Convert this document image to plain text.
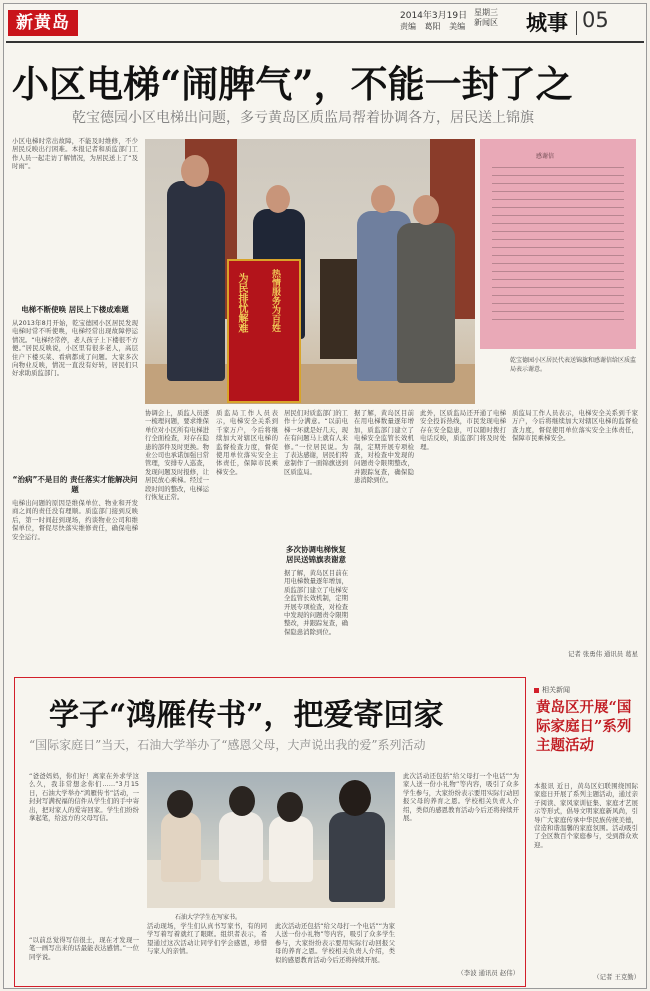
新黄岛	2014年3月19日
责编 葛阳 美编
星期三
新闻区 城事 05
小区电梯“闹脾气”，不能一封了之
乾宝德园小区电梯出问题，多亏黄岛区质监局帮着协调各方，居民送上锦旗
小区电梯时常出故障，不能及时维修，不少居民反映出行困难。本报记者和质监部门工作人员一起走访了解情况，为居民送上了“及时雨”。
电梯不断使唤 居民上下楼成难题
从2013年8月开始，乾宝德园小区居民发现电梯时常不听使唤，电梯经常出现故障停运情况。“电梯经常停，老人孩子上下楼很不方便。”居民反映说，小区里有很多老人，高层住户下楼买菜、看病都成了问题。大家多次向物业反映，情况一直没有好转，居民们只好求助质监部门。
“治病”不是目的 责任落实才能解决问题
电梯出问题的原因是维保单位、物业和开发商之间的责任没有理顺。质监部门接到反映后，第一时间赶到现场，约谈物业公司和维保单位，督促尽快落实维修责任，确保电梯安全运行。
为民排忧解难	热情服务为百姓
感谢信
乾宝德园小区居民代表送锦旗和感谢信给区质监局表示谢意。
协调会上，质监人员逐一梳理问题，要求维保单位对小区所有电梯进行全面检查，对存在隐患的部件及时更换。物业公司也承诺加强日常管理，安排专人巡查，发现问题及时报修，让居民放心乘梯。经过一段时间的整改，电梯运行恢复正常。
质监局工作人员表示，电梯安全关系到千家万户，今后将继续加大对辖区电梯的监督检查力度，督促使用单位落实安全主体责任，保障市民乘梯安全。
居民们对质监部门的工作十分满意。“以前电梯一坏就是好几天，现在有问题马上就有人来修。”一位居民说。为了表达感谢，居民们特意制作了一面锦旗送到区质监局。
多次协调电梯恢复 居民送锦旗表谢意
据了解，黄岛区目前在用电梯数量逐年增加，质监部门建立了电梯安全监管长效机制，定期开展专项检查，对检查中发现的问题责令限期整改，并跟踪复查，确保隐患消除到位。
据了解，黄岛区目前在用电梯数量逐年增加，质监部门建立了电梯安全监管长效机制，定期开展专项检查，对检查中发现的问题责令限期整改，并跟踪复查，确保隐患消除到位。
此外，区质监局还开通了电梯安全投诉热线，市民发现电梯存在安全隐患，可以随时拨打电话反映，质监部门将及时处理。
质监局工作人员表示，电梯安全关系到千家万户，今后将继续加大对辖区电梯的监督检查力度，督促使用单位落实安全主体责任，保障市民乘梯安全。
记者 张勇伟 通讯员 葛星
学子“鸿雁传书”，把爱寄回家
“国际家庭日”当天，石油大学举办了“感恩父母，大声说出我的爱”系列活动
“爸爸妈妈，你们好！离家在外求学这么久，我非常想念你们……”3月15日，石油大学举办“鸿雁传书”活动，一封封写满祝福的信件从学生们的手中寄出，把对家人的爱寄回家。学生们纷纷拿起笔，给远方的父母写信。
“以前总觉得写信很土，现在才发现一笔一画写出来的话最能表达感情。”一位同学说。
石油大学学生在写家书。
活动现场，学生们认真书写家书，有的同学写着写着就红了眼眶。组织者表示，希望通过这次活动让同学们学会感恩，珍惜与家人的亲情。
此次活动还包括“给父母打一个电话”“为家人送一份小礼物”等内容，吸引了众多学生参与，大家纷纷表示要用实际行动回报父母的养育之恩。学校相关负责人介绍，类似的感恩教育活动今后还将持续开展。
此次活动还包括“给父母打一个电话”“为家人送一份小礼物”等内容，吸引了众多学生参与，大家纷纷表示要用实际行动回报父母的养育之恩。学校相关负责人介绍，类似的感恩教育活动今后还将持续开展。
（李波 通讯员 赵伟）
相关新闻
黄岛区开展“国际家庭日”系列主题活动
本报讯 近日，黄岛区妇联围绕国际家庭日开展了系列主题活动，通过亲子阅读、家风家训征集、家庭才艺展示等形式，倡导文明家庭新风尚，引导广大家庭传承中华民族传统美德，营造和谐温馨的家庭氛围。活动吸引了全区数百个家庭参与，受到群众欢迎。
（记者 王克勤）
